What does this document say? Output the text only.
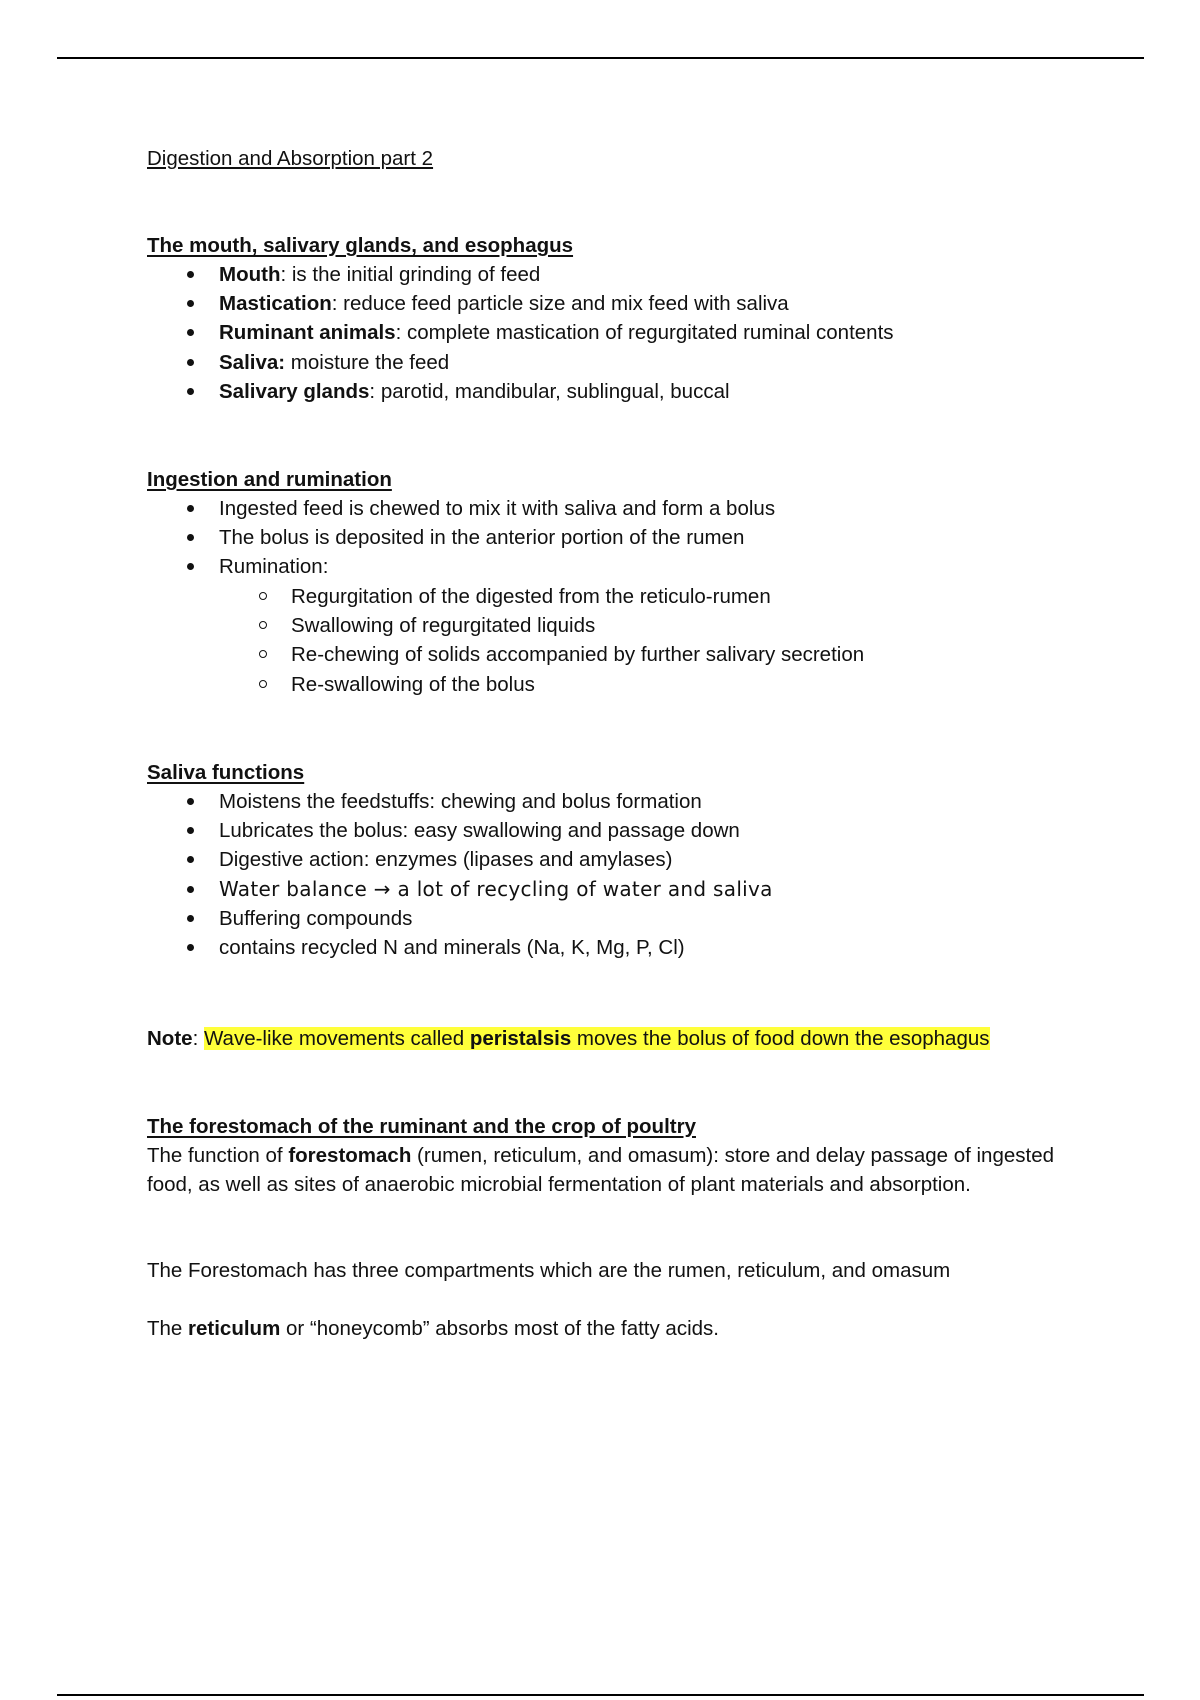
Digestion and Absorption part 2
The mouth, salivary glands, and esophagus
Mouth: is the initial grinding of feed
Mastication: reduce feed particle size and mix feed with saliva
Ruminant animals: complete mastication of regurgitated ruminal contents
Saliva: moisture the feed
Salivary glands: parotid, mandibular, sublingual, buccal
Ingestion and rumination
Ingested feed is chewed to mix it with saliva and form a bolus
The bolus is deposited in the anterior portion of the rumen
Rumination:
Regurgitation of the digested from the reticulo-rumen
Swallowing of regurgitated liquids
Re-chewing of solids accompanied by further salivary secretion
Re-swallowing of the bolus
Saliva functions
Moistens the feedstuffs: chewing and bolus formation
Lubricates the bolus: easy swallowing and passage down
Digestive action: enzymes (lipases and amylases)
Water balance → a lot of recycling of water and saliva
Buffering compounds
contains recycled N and minerals (Na, K, Mg, P, Cl)
Note: Wave-like movements called peristalsis moves the bolus of food down the esophagus
The forestomach of the ruminant and the crop of poultry
The function of forestomach (rumen, reticulum, and omasum): store and delay passage of ingested food, as well as sites of anaerobic microbial fermentation of plant materials and absorption.
The Forestomach has three compartments which are the rumen, reticulum, and omasum
The reticulum or “honeycomb” absorbs most of the fatty acids.
